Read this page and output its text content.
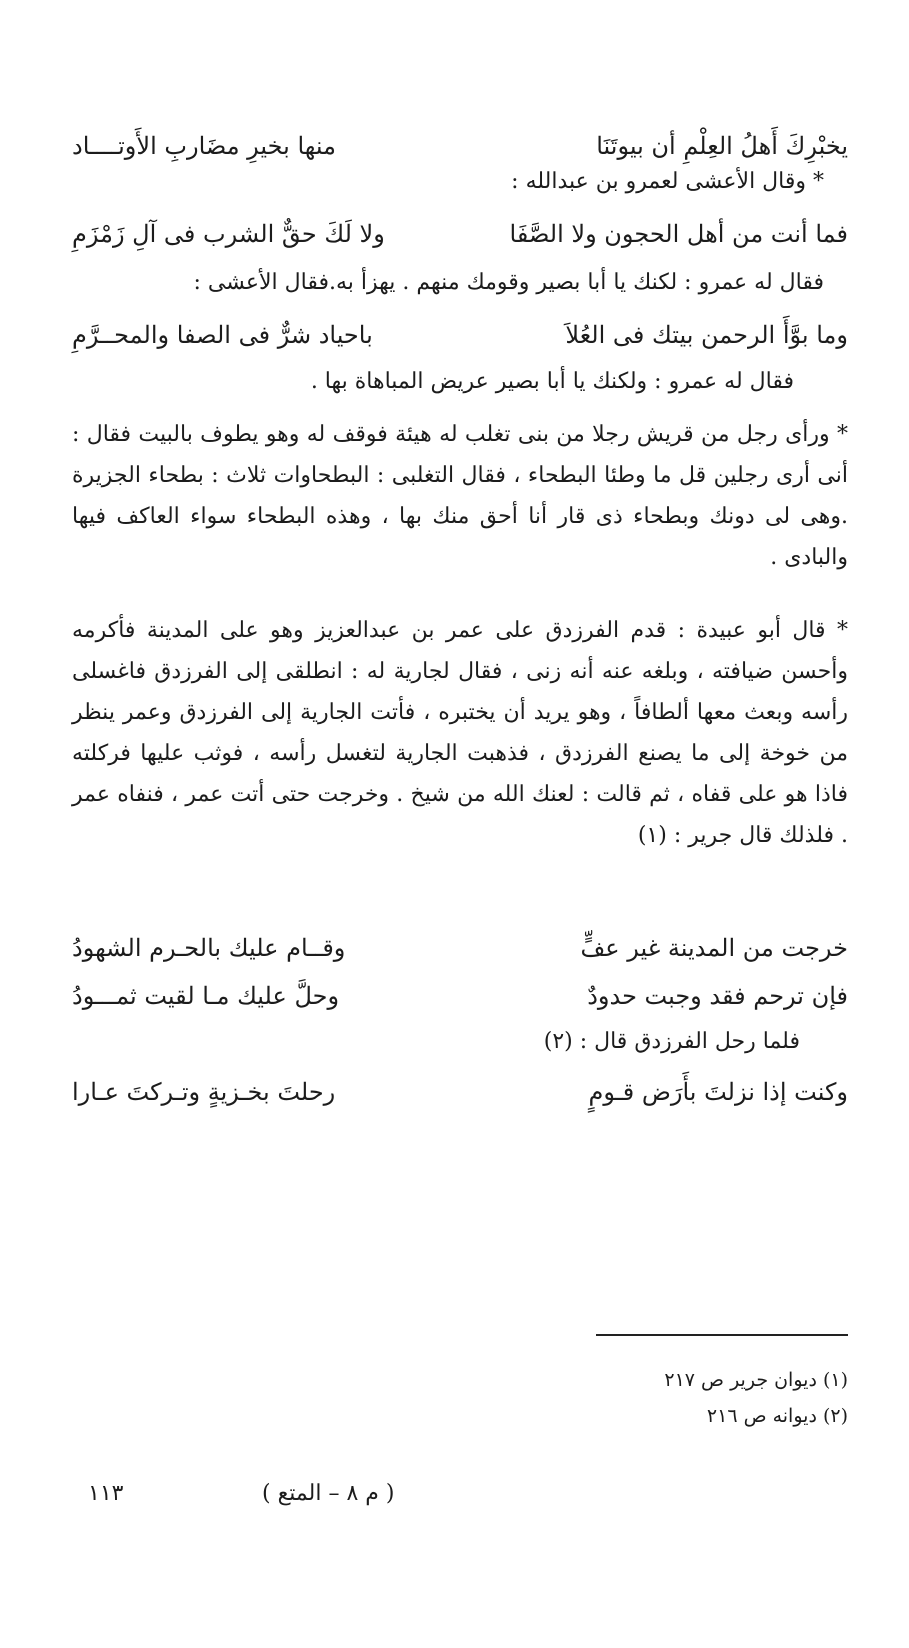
يخبْرِكَ أَهلُ العِلْمِ أن بيوتَنَا
منها بخيرِ مضَاربِ الأَوتــــاد
* وقال الأعشى لعمرو بن عبدالله :
فما أنت من أهل الحجون ولا الصَّفَا
ولا لَكَ حقٌّ الشرب فى آلِ زَمْزَمِ
فقال له عمرو : لكنك يا أبا بصير وقومك منهم . يهزأ به.فقال الأعشى :
وما بوَّأَ الرحمن بيتك فى العُلاَ
باحياد شرٌّ فى الصفا والمحــرَّمِ
فقال له عمرو : ولكنك يا أبا بصير عريض المباهاة بها .
* ورأى رجل من قريش رجلا من بنى تغلب له هيئة فوقف له وهو يطوف بالبيت فقال : أنى أرى رجلين قل ما وطئا البطحاء ، فقال التغلبى : البطحاوات ثلاث : بطحاء الجزيرة .وهى لى دونك وبطحاء ذى قار أنا أحق منك بها ، وهذه البطحاء سواء العاكف فيها والبادى .
* قال أبو عبيدة : قدم الفرزدق على عمر بن عبدالعزيز وهو على المدينة فأكرمه وأحسن ضيافته ، وبلغه عنه أنه زنى ، فقال لجارية له : انطلقى إلى الفرزدق فاغسلى رأسه وبعث معها ألطافاً ، وهو يريد أن يختبره ، فأتت الجارية إلى الفرزدق وعمر ينظر من خوخة إلى ما يصنع الفرزدق ، فذهبت الجارية لتغسل رأسه ، فوثب عليها فركلته فاذا هو على قفاه ، ثم قالت : لعنك الله من شيخ . وخرجت حتى أتت عمر ، فنفاه عمر . فلذلك قال جرير : (١)
خرجت من المدينة غير عفٍّ
وقــام عليك بالحـرم الشهودُ
فإن ترحم فقد وجبت حدودٌ
وحلَّ عليك مـا لقيت ثمـــودُ
فلما رحل الفرزدق قال : (٢)
وكنت إذا نزلتَ بأَرَض قـومٍ
رحلتَ بخـزيةٍ وتـركتَ عـارا
(١) ديوان جرير ص ٢١٧
(٢) ديوانه ص ٢١٦
١١٣	( م ٨ – المتع )
